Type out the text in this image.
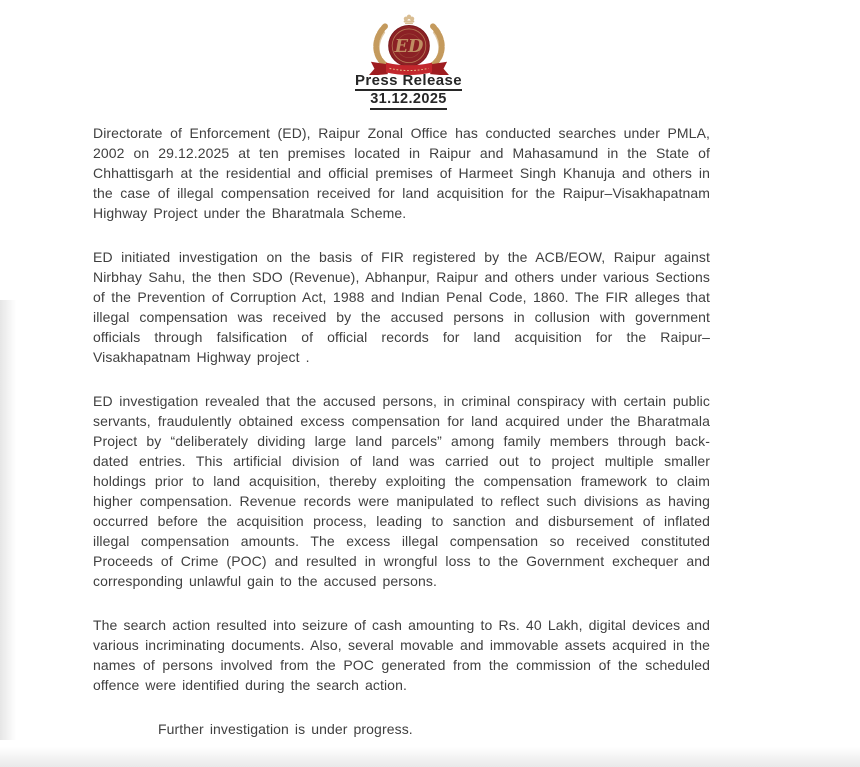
ED
Press Release
31.12.2025

Directorate of Enforcement (ED), Raipur Zonal Office has conducted searches under PMLA, 2002 on 29.12.2025 at ten premises located in Raipur and Mahasamund in the State of Chhattisgarh at the residential and official premises of Harmeet Singh Khanuja and others in the case of illegal compensation received for land acquisition for the Raipur–Visakhapatnam Highway Project under the Bharatmala Scheme.

ED initiated investigation on the basis of FIR registered by the ACB/EOW, Raipur against Nirbhay Sahu, the then SDO (Revenue), Abhanpur, Raipur and others under various Sections of the Prevention of Corruption Act, 1988 and Indian Penal Code, 1860. The FIR alleges that illegal compensation was received by the accused persons in collusion with government officials through falsification of official records for land acquisition for the Raipur–Visakhapatnam Highway project .

ED investigation revealed that the accused persons, in criminal conspiracy with certain public servants, fraudulently obtained excess compensation for land acquired under the Bharatmala Project by “deliberately dividing large land parcels” among family members through back-dated entries. This artificial division of land was carried out to project multiple smaller holdings prior to land acquisition, thereby exploiting the compensation framework to claim higher compensation. Revenue records were manipulated to reflect such divisions as having occurred before the acquisition process, leading to sanction and disbursement of inflated illegal compensation amounts. The excess illegal compensation so received constituted Proceeds of Crime (POC) and resulted in wrongful loss to the Government exchequer and corresponding unlawful gain to the accused persons.

The search action resulted into seizure of cash amounting to Rs. 40 Lakh, digital devices and various incriminating documents. Also, several movable and immovable assets acquired in the names of persons involved from the POC generated from the commission of the scheduled offence were identified during the search action.

Further investigation is under progress.
